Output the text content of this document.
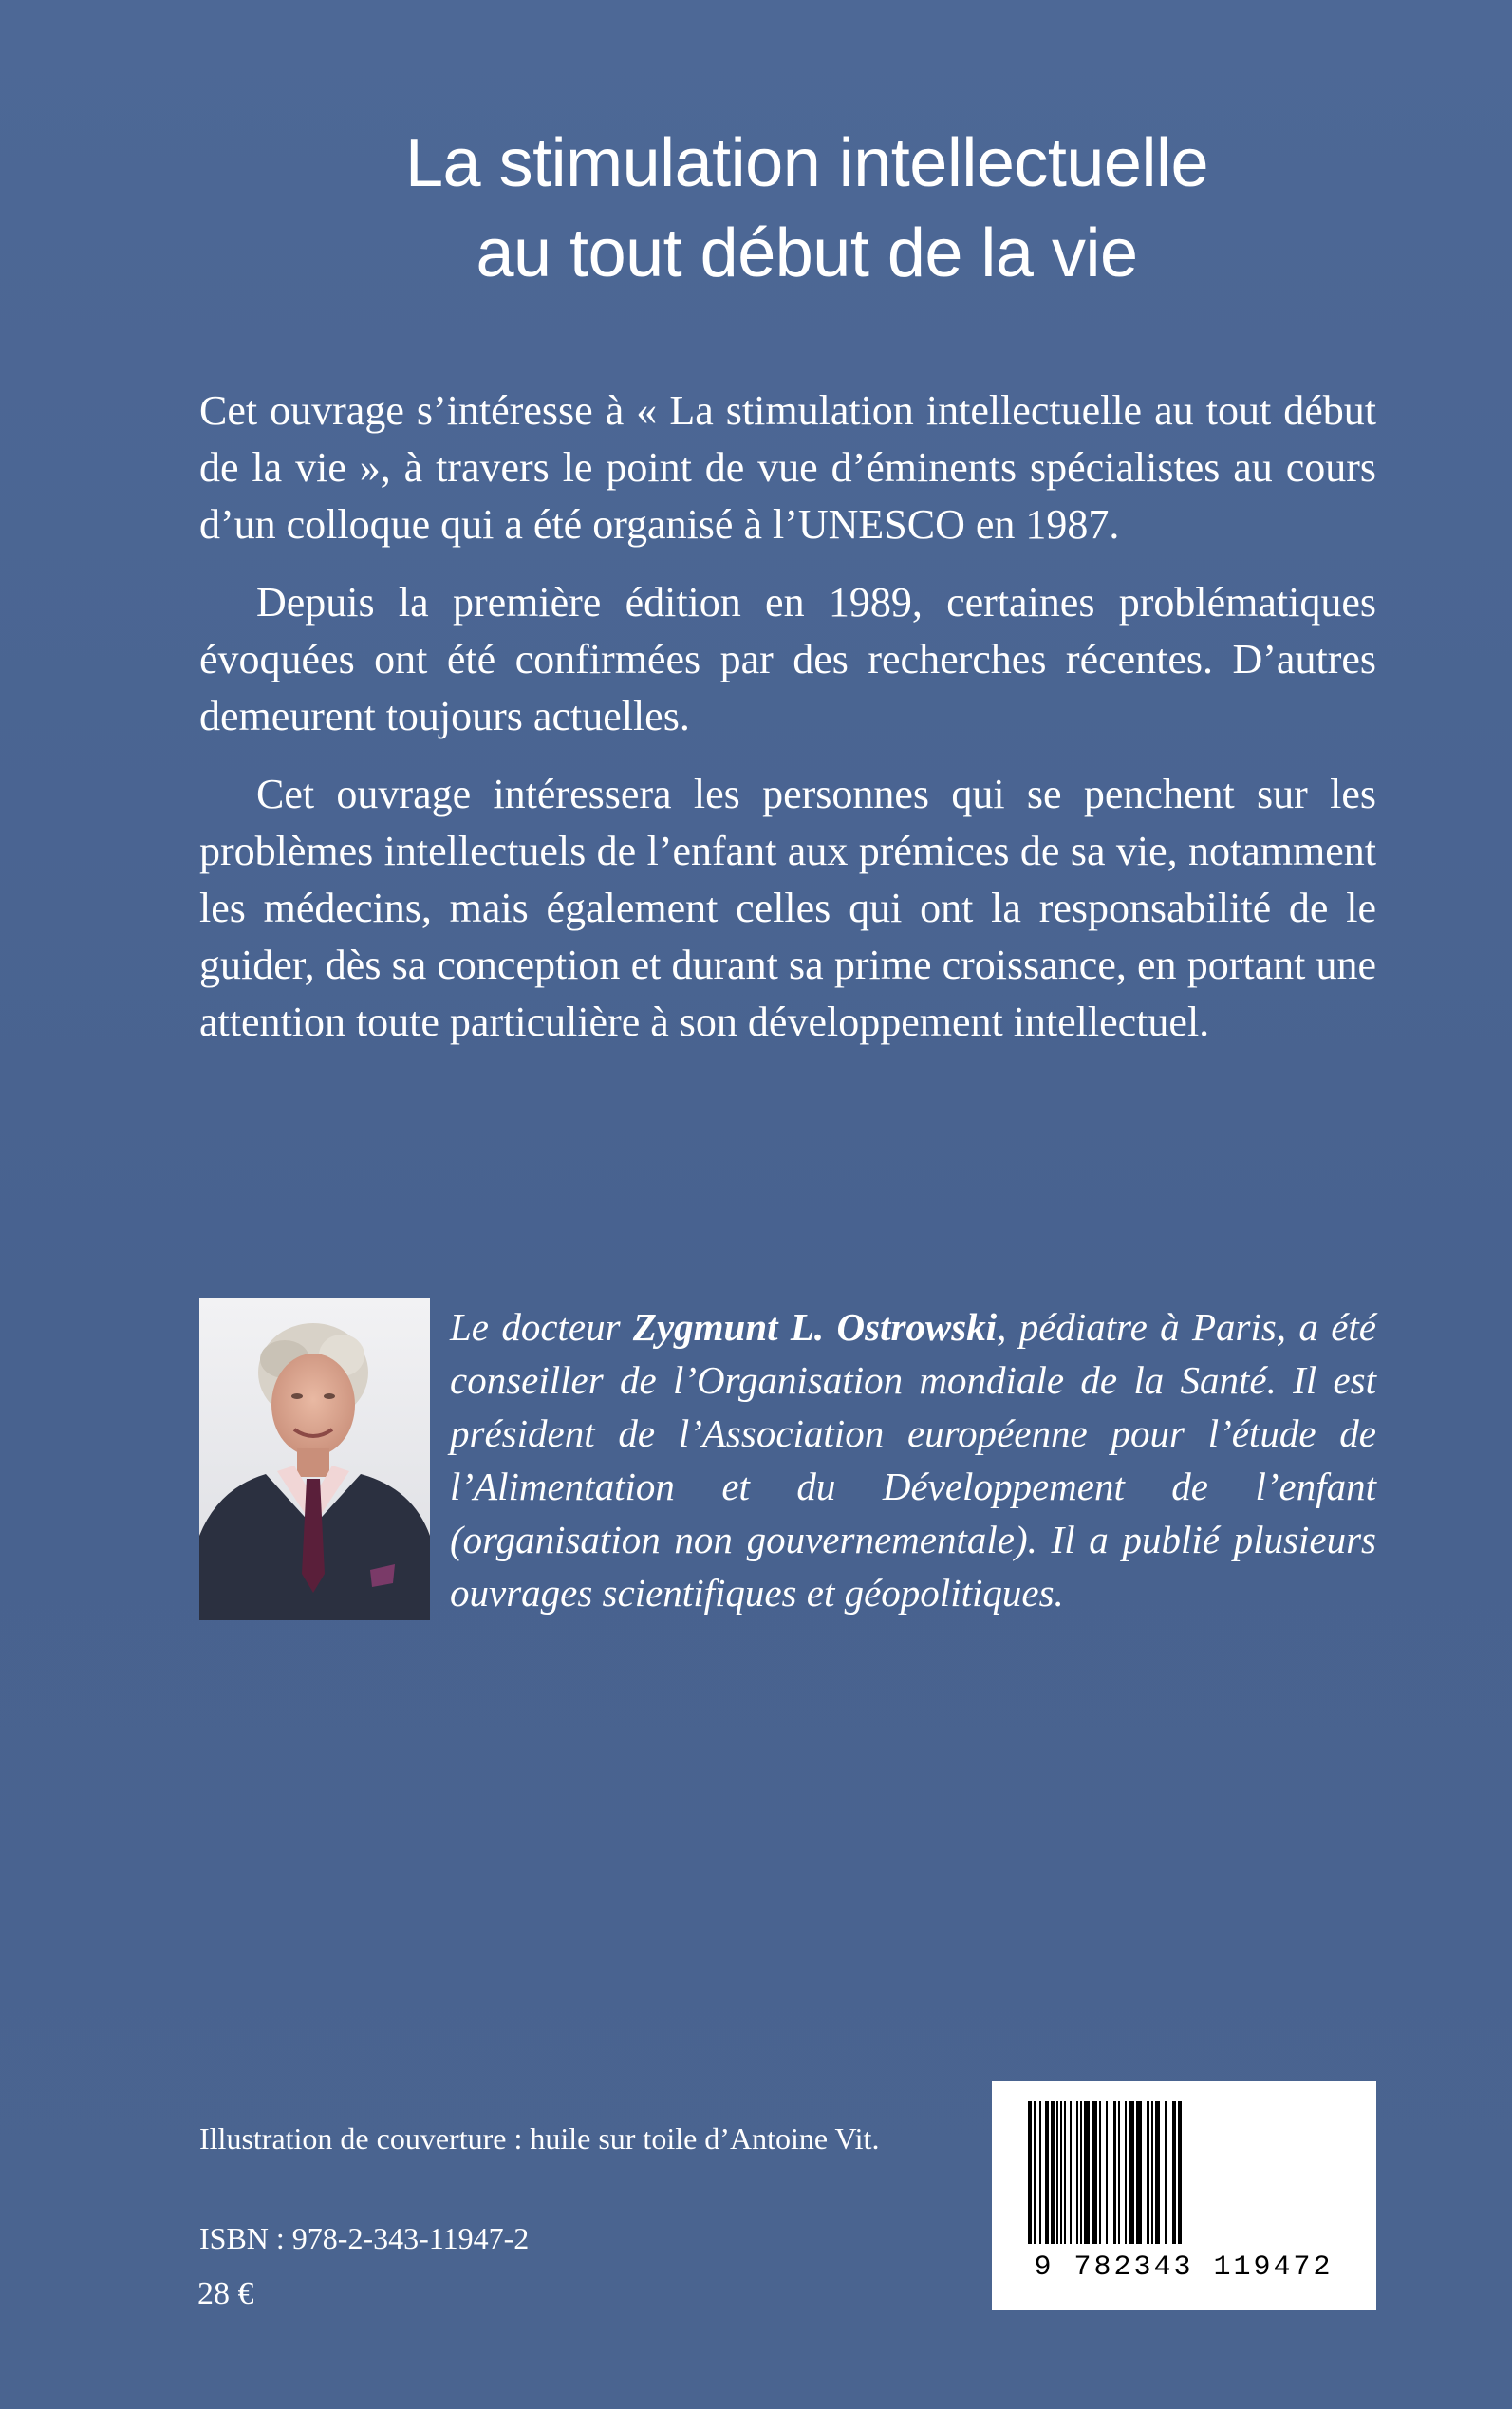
La stimulation intellectuelle
au tout début de la vie

Cet ouvrage s’intéresse à « La stimulation intellectuelle au tout début de la vie », à travers le point de vue d’éminents spécialistes au cours d’un colloque qui a été organisé à l’UNESCO en 1987.

Depuis la première édition en 1989, certaines problématiques évoquées ont été confirmées par des recherches récentes. D’autres demeurent toujours actuelles.

Cet ouvrage intéressera les personnes qui se penchent sur les problèmes intellectuels de l’enfant aux prémices de sa vie, notamment les médecins, mais également celles qui ont la responsabilité de le guider, dès sa conception et durant sa prime croissance, en portant une attention toute particulière à son développement intellectuel.

Le docteur Zygmunt L. Ostrowski, pédiatre à Paris, a été conseiller de l’Organisation mondiale de la Santé. Il est président de l’Association européenne pour l’étude de l’Alimentation et du Développement de l’enfant (organisation non gouvernementale). Il a publié plusieurs ouvrages scientifiques et géopolitiques.
Illustration de couverture : huile sur toile d’Antoine Vit.
ISBN : 978-2-343-11947-2
28 €
9 782343 119472
